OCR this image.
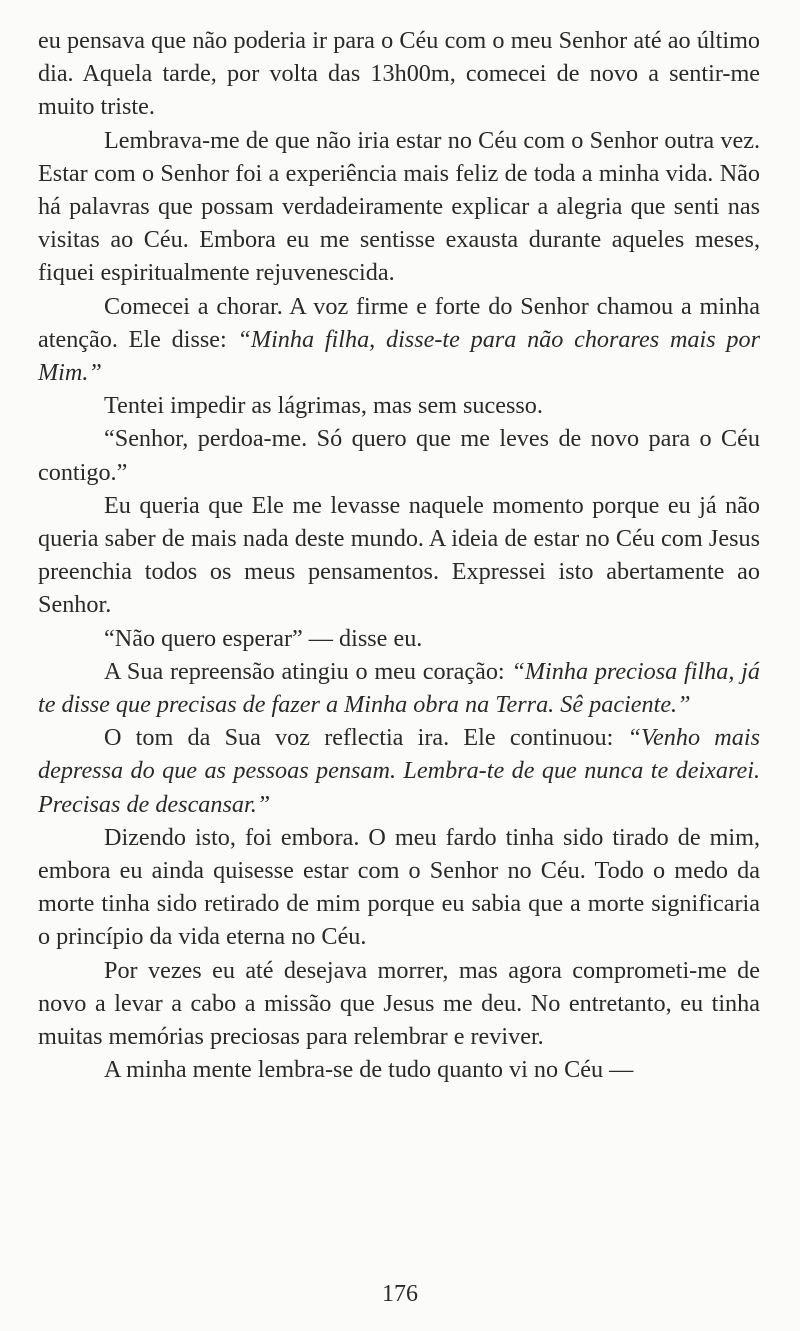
eu pensava que não poderia ir para o Céu com o meu Senhor até ao último dia. Aquela tarde, por volta das 13h00m, comecei de novo a sentir-me muito triste.

Lembrava-me de que não iria estar no Céu com o Senhor outra vez. Estar com o Senhor foi a experiência mais feliz de toda a minha vida. Não há palavras que possam verdadeiramente explicar a alegria que senti nas visitas ao Céu. Embora eu me sentisse exausta durante aqueles meses, fiquei espiritualmente rejuvenescida.

Comecei a chorar. A voz firme e forte do Senhor chamou a minha atenção. Ele disse: “Minha filha, disse-te para não chorares mais por Mim.”

Tentei impedir as lágrimas, mas sem sucesso.

“Senhor, perdoa-me. Só quero que me leves de novo para o Céu contigo.”

Eu queria que Ele me levasse naquele momento porque eu já não queria saber de mais nada deste mundo. A ideia de estar no Céu com Jesus preenchia todos os meus pensamentos. Expressei isto abertamente ao Senhor.

“Não quero esperar” — disse eu.

A Sua repreensão atingiu o meu coração: “Minha preciosa filha, já te disse que precisas de fazer a Minha obra na Terra. Sê paciente.”

O tom da Sua voz reflectia ira. Ele continuou: “Venho mais depressa do que as pessoas pensam. Lembra-te de que nunca te deixarei. Precisas de descansar.”

Dizendo isto, foi embora. O meu fardo tinha sido tirado de mim, embora eu ainda quisesse estar com o Senhor no Céu. Todo o medo da morte tinha sido retirado de mim porque eu sabia que a morte significaria o princípio da vida eterna no Céu.

Por vezes eu até desejava morrer, mas agora comprometi-me de novo a levar a cabo a missão que Jesus me deu. No entretanto, eu tinha muitas memórias preciosas para relembrar e reviver.

A minha mente lembra-se de tudo quanto vi no Céu —

176
